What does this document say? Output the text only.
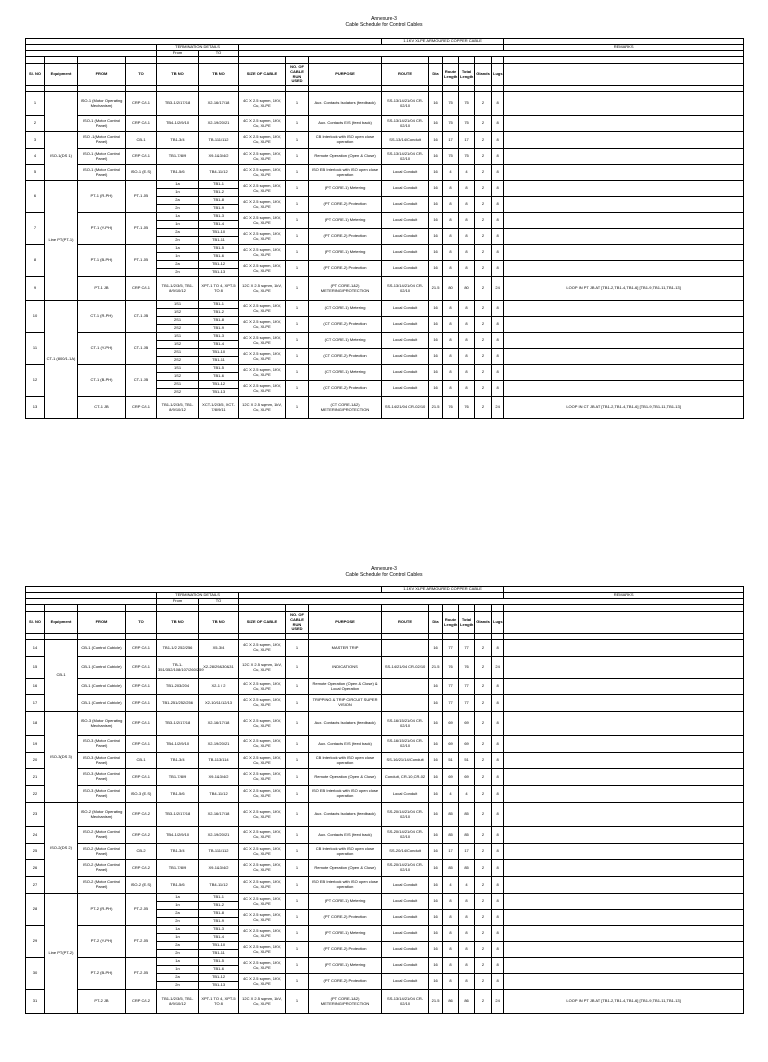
Annexure-3
Cable Schedule for Control Cables
									1.1KV XLPE ARMOURED COPPER CABLE						
				TERMINATION DETAILS											REMARKS
				From	TO										

Sl. NO	Equipment	FROM	TO	TB NO	TB NO	SIZE OF CABLE	NO. OF CABLE RUN USED	PURPOSE	ROUTE	Dia	Route Length	Total Length	Glands	Lugs	

1		ISO-1 (Motor Operating Mechanism)	CRP C/l-1	TB3-1/2/17/18	X2-16/17/18	4C X 2.5 sqmm, 1KV, Cu, XLPE	1	Aux. Contacts Isolators (feedback)	SS-13/14/21/04 CR-02/10	16	75	75	2	8	
2		ISO-1 (Motor Control Panel)	CRP C/l-1	TB4-1/2/9/10	X2-19/20/21	4C X 2.5 sqmm, 1KV, Cu, XLPE	1	Aux. Contacts E/S (feed back)	SS-13/14/21/04 CR-02/10	16	75	75	2	8	
3	ISO-1(DS 1)	ISO -1(Motor Control Panel)	CB-1	TB1-3/4	TB-111/112	4C X 2.5 sqmm, 1KV, Cu, XLPE	1	CB Interlock with ISO open close operation	SS-13/14/Conduit	16	17	17	2	8	
4		ISO-1 (Motor Control Panel)	CRP C/l-1	TB1-7/8/9	X9-1&3/4/2	4C X 2.5 sqmm, 1KV, Cu, XLPE	1	Remote Operation (Open & Close)	SS-13/14/21/04 CR-02/10	16	75	75	2	8	
5		ISO-1 (Motor Control Panel)	ISO-1 (E.S)	TB1-5/6	TB4-11/12	4C X 2.5 sqmm, 1KV, Cu, XLPE	1	ISO EB Interlock with ISO open close operation	Local Conduit	16	4	4	2	8	
6	Line PT(PT-1)	PT-1 (R-PH)	PT-1 JB	1a	TB1-1	4C X 2.5 sqmm, 1KV, Cu, XLPE	1	(PT CORE-1) Metering	Local Conduit	16	8	8	2	8	
				1n	TB1-2										
				2a	TB1-8	4C X 2.5 sqmm, 1KV, Cu, XLPE	1	(PT CORE-2) Protection	Local Conduit	16	8	8	2	8	
				2n	TB1-9										
7		PT-1 (Y-PH)	PT-1 JB	1a	TB1-3	4C X 2.5 sqmm, 1KV, Cu, XLPE	1	(PT CORE-1) Metering	Local Conduit	16	8	8	2	8	
				1n	TB1-4										
				2a	TB1-10	4C X 2.5 sqmm, 1KV, Cu, XLPE	1	(PT CORE-2) Protection	Local Conduit	16	8	8	2	8	
				2n	TB1-11										
8		PT-1 (B-PH)	PT-1 JB	1a	TB1-5	4C X 2.5 sqmm, 1KV, Cu, XLPE	1	(PT CORE-1) Metering	Local Conduit	16	8	8	2	8	
				1n	TB1-6										
				2a	TB1-12	4C X 2.5 sqmm, 1KV, Cu, XLPE	1	(PT CORE-2) Protection	Local Conduit	16	8	8	2	8	
				2n	TB1-13										
9		PT-1 JB	CRP C/l-1	TB1-1/2/3/5, TB1-8/9/10/12	XPT-1 TO 4, XPT-5 TO 8	12C X 2.5 sqmm, 1kV, Cu, XLPE	1	(PT CORE-1&2) METERING/PROTECTION	SS-13/14/21/04 CR-02/10	21.5	80	80	2	24	LOOP IN PT JB AT [TB1-2,TB1-4,TB1-6] [TB1-9,TB1-11,TB1-13]
10	CT-1 (800/1-1A)	CT-1 (R-PH)	CT-1 JB	1S1	TB1-1	4C X 2.5 sqmm, 1KV, Cu, XLPE	1	(CT CORE-1) Metering	Local Conduit	16	8	8	2	8	
				1S2	TB1-2										
				2S1	TB1-8	4C X 2.5 sqmm, 1KV, Cu, XLPE	1	(CT CORE-2) Protection	Local Conduit	16	8	8	2	8	
				2S2	TB1-9										
11		CT-1 (Y-PH)	CT-1 JB	1S1	TB1-3	4C X 2.5 sqmm, 1KV, Cu, XLPE	1	(CT CORE-1) Metering	Local Conduit	16	8	8	2	8	
				1S2	TB1-4										
				2S1	TB1-10	4C X 2.5 sqmm, 1KV, Cu, XLPE	1	(CT CORE-2) Protection	Local Conduit	16	8	8	2	8	
				2S2	TB1-11										
12		CT-1 (B-PH)	CT-1 JB	1S1	TB1-5	4C X 2.5 sqmm, 1KV, Cu, XLPE	1	(CT CORE-1) Metering	Local Conduit	16	8	8	2	8	
				1S2	TB1-6										
				2S1	TB1-12	4C X 2.5 sqmm, 1KV, Cu, XLPE	1	(CT CORE-2) Protection	Local Conduit	16	8	8	2	8	
				2S2	TB1-13										
13		CT-1 JB	CRP C/l-1	TB1-1/2/3/5, TB1-8/9/10/12	XCT-1/2/3/5, XCT-7/8/9/11	12C X 2.5 sqmm, 1kV, Cu, XLPE	1	(CT CORE-1&2) METERING/PROTECTION	SS-14/21/04 CR-02/10	21.5	76	76	2	24	LOOP IN CT JB AT [TB1-2,TB1-4,TB1-6] [TB1-9,TB1-11,TB1-13]
Annexure-3
Cable Schedule for Control Cables
									1.1KV XLPE ARMOURED COPPER CABLE						
				TERMINATION DETAILS											REMARKS
				From	TO										

Sl. NO	Equipment	FROM	TO	TB NO	TB NO	SIZE OF CABLE	NO. OF CABLE RUN USED	PURPOSE	ROUTE	Dia	Route Length	Total Length	Glands	Lugs	

14	CB-1	CB-1 (Control Cubicle)	CRP C/l-1	TB1-1/2 252/256	X5-3/4	4C X 2.5 sqmm, 1KV, Cu, XLPE	1	MASTER TRIP		16	77	77	2	8	
15		CB-1 (Control Cubicle)	CRP C/l-1	TB-1-351/352/108/107/260/259	X2-28/29&30&31	12C X 2.5 sqmm, 1kV, Cu, XLPE	1	INDICATIONS	SS-14/21/04 CR-02/10	21.5	76	76	2	24	
16		CB-1 (Control Cubicle)	CRP C/l-1	TB1-203/204	X2-1 / 2	4C X 2.5 sqmm, 1KV, Cu, XLPE	1	Remote Operation (Open & Close) & Local Operation		16	77	77	2	8	
17		CB-1 (Control Cubicle)	CRP C/l-1	TB1-251/252/256	X2-10/11/12/13	4C X 2.5 sqmm, 1KV, Cu, XLPE	1	TRIPPING & TRIP CIRCUIT SUPER VISION		16	77	77	2	8	
18	ISO-3(DS 3)	ISO-3 (Motor Operating Mechanism)	CRP C/l-1	TB3-1/2/17/18	X2-16/17/18	4C X 2.5 sqmm, 1KV, Cu, XLPE	1	Aux. Contacts Isolators (feedback)	SS-16/15/21/04 CR-02/10	16	69	69	2	8	
19		ISO-3 (Motor Control Panel)	CRP C/l-1	TB4-1/2/9/10	X2-19/20/21	4C X 2.5 sqmm, 1KV, Cu, XLPE	1	Aux. Contacts E/S (feed back)	SS-16/15/21/04 CR-02/10	16	69	69	2	8	
20		ISO-3 (Motor Control Panel)	CB-1	TB1-3/4	TB-113/114	4C X 2.5 sqmm, 1KV, Cu, XLPE	1	CB Interlock with ISO open close operation	SS-16/21/14/Conduit	16	51	51	2	8	
21		ISO-3 (Motor Control Panel)	CRP C/l-1	TB1-7/8/9	X9-1&3/4/2	4C X 2.5 sqmm, 1KV, Cu, XLPE	1	Remote Operation (Open & Close)	Conduit, CR-10,CR-02	16	69	69	2	8	
22		ISO-3 (Motor Control Panel)	ISO-3 (E.S)	TB1-5/6	TB4-11/12	4C X 2.5 sqmm, 1KV, Cu, XLPE	1	ISO EB Interlock with ISO open close operation	Local Conduit	16	4	4	2	8	
23	ISO-2(DS 2)	ISO-2 (Motor Operating Mechanism)	CRP C/l-2	TB3-1/2/17/18	X2-16/17/18	4C X 2.5 sqmm, 1KV, Cu, XLPE	1	Aux. Contacts Isolators (feedback)	SS-20/14/21/04 CR-02/10	16	85	85	2	8	
24		ISO-2 (Motor Control Panel)	CRP C/l-2	TB4-1/2/9/10	X2-19/20/21	4C X 2.5 sqmm, 1KV, Cu, XLPE	1	Aux. Contacts E/S (feed back)	SS-20/14/21/04 CR-02/10	16	85	85	2	8	
25		ISO-2 (Motor Control Panel)	CB-2	TB1-3/4	TB-111/112	4C X 2.5 sqmm, 1KV, Cu, XLPE	1	CB Interlock with ISO open close operation	SS-20/14/Conduit	16	17	17	2	8	
26		ISO-2 (Motor Control Panel)	CRP C/l-2	TB1-7/8/9	X9-1&3/4/2	4C X 2.5 sqmm, 1KV, Cu, XLPE	1	Remote Operation (Open & Close)	SS-20/14/21/04 CR-02/10	16	85	85	2	8	
27		ISO-2 (Motor Control Panel)	ISO-2 (E.S)	TB1-5/6	TB4-11/12	4C X 2.5 sqmm, 1KV, Cu, XLPE	1	ISO EB Interlock with ISO open close operation	Local Conduit	16	4	4	2	8	
28	Line PT(PT-2)	PT-2 (R-PH)	PT-2 JB	1a	TB1-1	4C X 2.5 sqmm, 1KV, Cu, XLPE	1	(PT CORE-1) Metering	Local Conduit	16	8	8	2	8	
				1n	TB1-2										
				2a	TB1-8	4C X 2.5 sqmm, 1KV, Cu, XLPE	1	(PT CORE-2) Protection	Local Conduit	16	8	8	2	8	
				2n	TB1-9										
29		PT-2 (Y-PH)	PT-2 JB	1a	TB1-3	4C X 2.5 sqmm, 1KV, Cu, XLPE	1	(PT CORE-1) Metering	Local Conduit	16	8	8	2	8	
				1n	TB1-4										
				2a	TB1-10	4C X 2.5 sqmm, 1KV, Cu, XLPE	1	(PT CORE-2) Protection	Local Conduit	16	8	8	2	8	
				2n	TB1-11										
30		PT-2 (B-PH)	PT-2 JB	1a	TB1-5	4C X 2.5 sqmm, 1KV, Cu, XLPE	1	(PT CORE-1) Metering	Local Conduit	16	8	8	2	8	
				1n	TB1-6										
				2a	TB1-12	4C X 2.5 sqmm, 1KV, Cu, XLPE	1	(PT CORE-2) Protection	Local Conduit	16	8	8	2	8	
				2n	TB1-13										
31		PT-2 JB	CRP C/l-2	TB1-1/2/3/5, TB1-8/9/10/12	XPT-1 TO 4, XPT-5 TO 8	12C X 2.5 sqmm, 1kV, Cu, XLPE	1	(PT CORE-1&2) METERING/PROTECTION	SS-13/14/21/04 CR-02/10	21.5	86	86	2	24	LOOP IN PT JB AT [TB1-2,TB1-4,TB1-6] [TB1-9,TB1-11,TB1-13]
